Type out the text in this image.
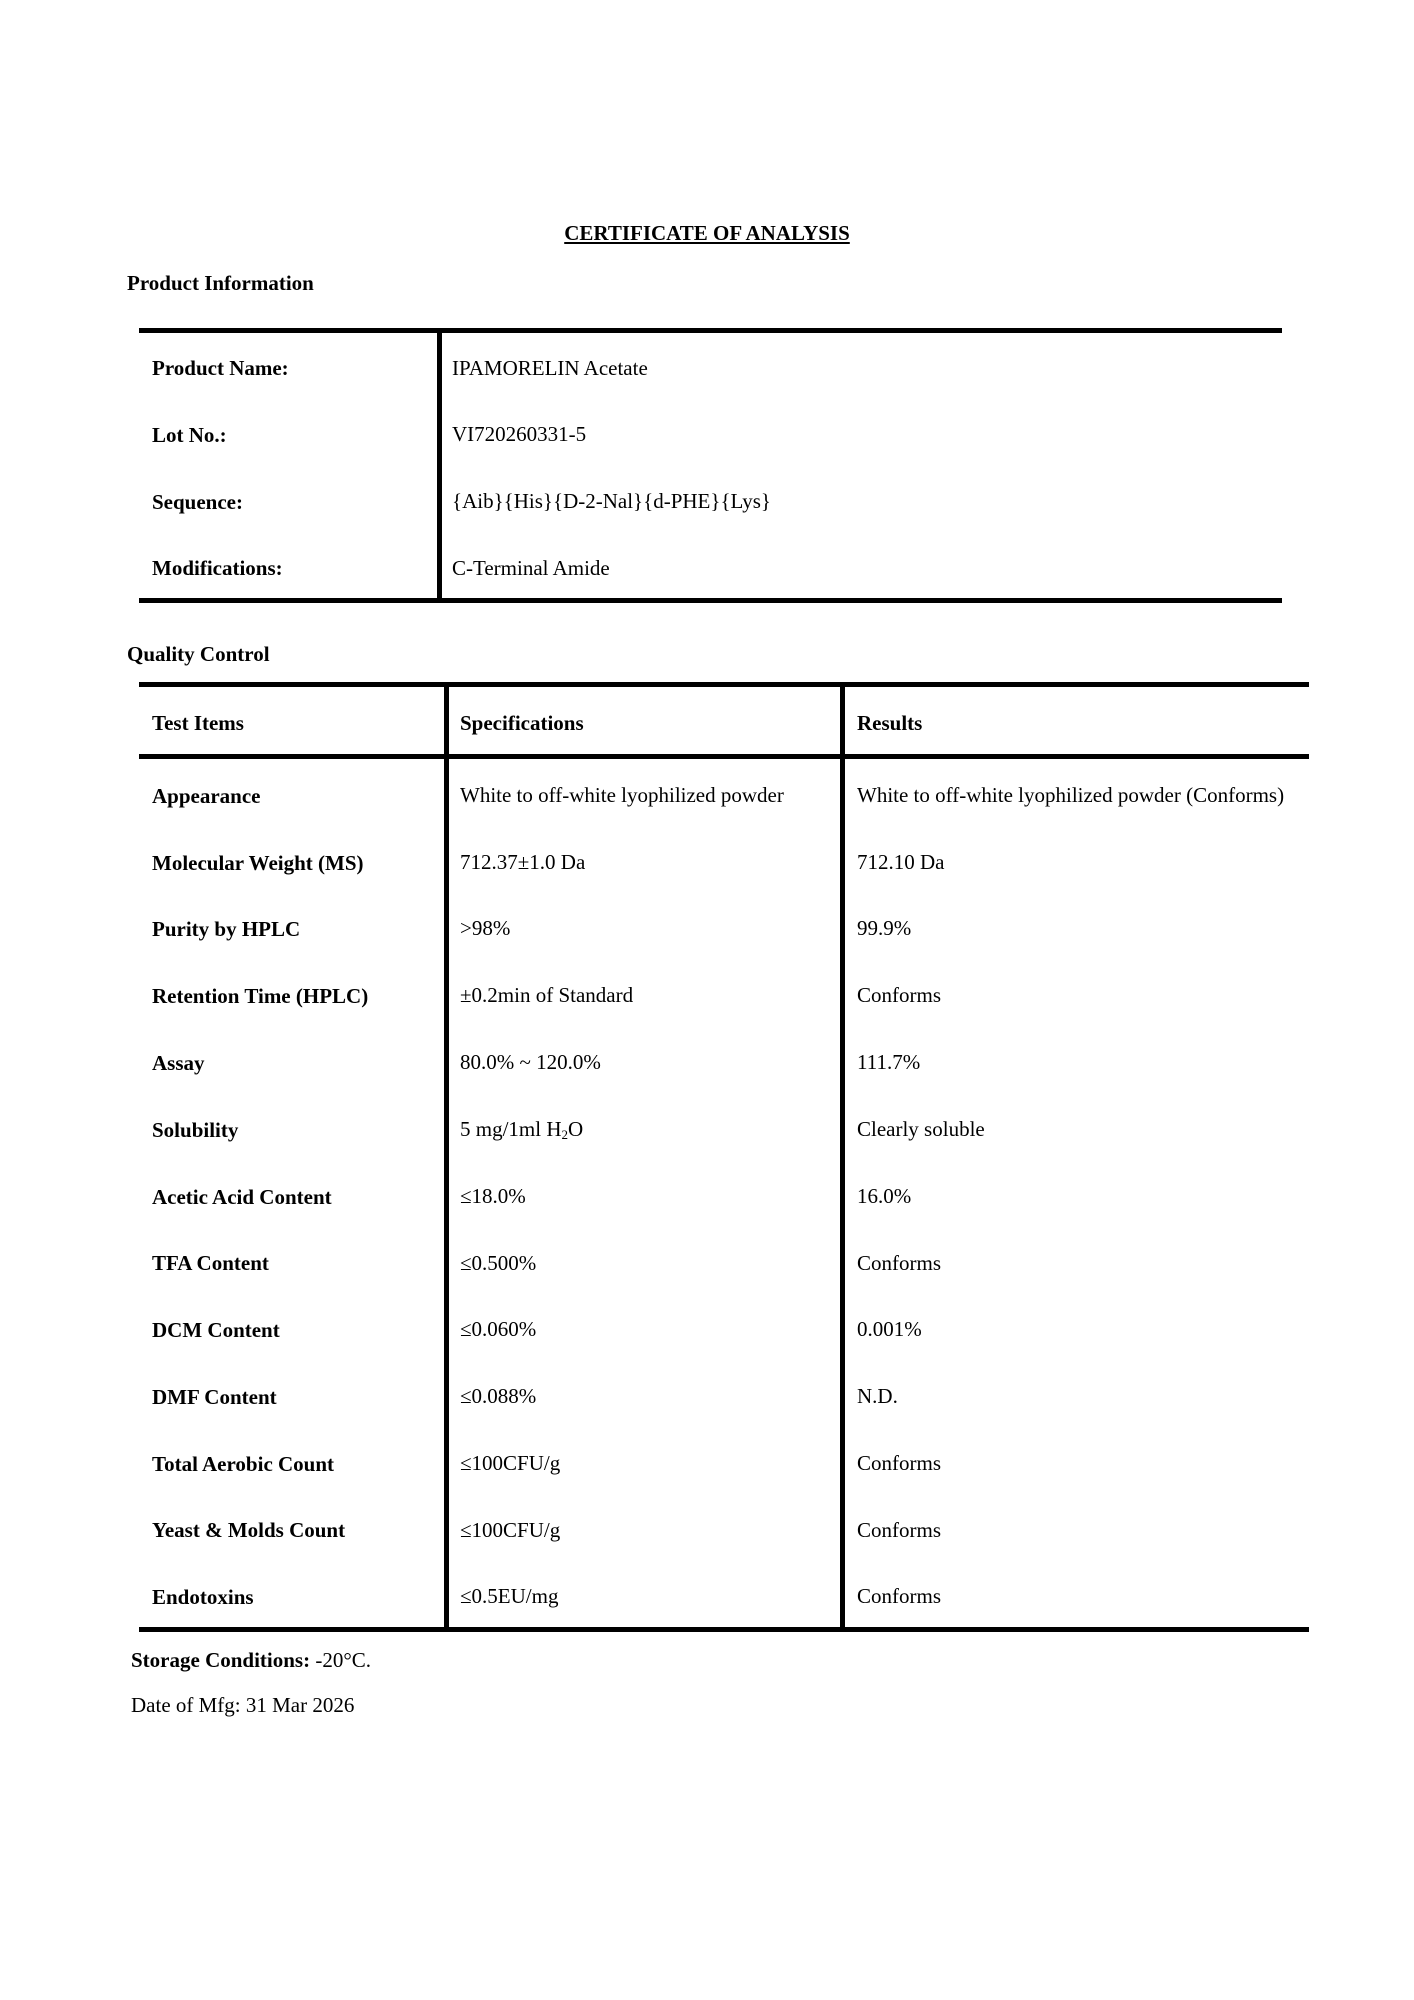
CERTIFICATE OF ANALYSIS
Product Information
Product Name:	IPAMORELIN Acetate
Lot No.:	VI720260331-5
Sequence:	{Aib}{His}{D-2-Nal}{d-PHE}{Lys}
Modifications:	C-Terminal Amide
Quality Control
Test Items	Specifications	Results
Appearance	White to off-white lyophilized powder	White to off-white lyophilized powder (Conforms)
Molecular Weight (MS)	712.37±1.0 Da	712.10 Da
Purity by HPLC	>98%	99.9%
Retention Time (HPLC)	±0.2min of Standard	Conforms
Assay	80.0% ~ 120.0%	111.7%
Solubility	5 mg/1ml $H_2O$	Clearly soluble
Acetic Acid Content	≤18.0%	16.0%
TFA Content	≤0.500%	Conforms
DCM Content	≤0.060%	0.001%
DMF Content	≤0.088%	N.D.
Total Aerobic Count	≤100CFU/g	Conforms
Yeast & Molds Count	≤100CFU/g	Conforms
Endotoxins	≤0.5EU/mg	Conforms
Storage Conditions: -20°C.
Date of Mfg: 31 Mar 2026
